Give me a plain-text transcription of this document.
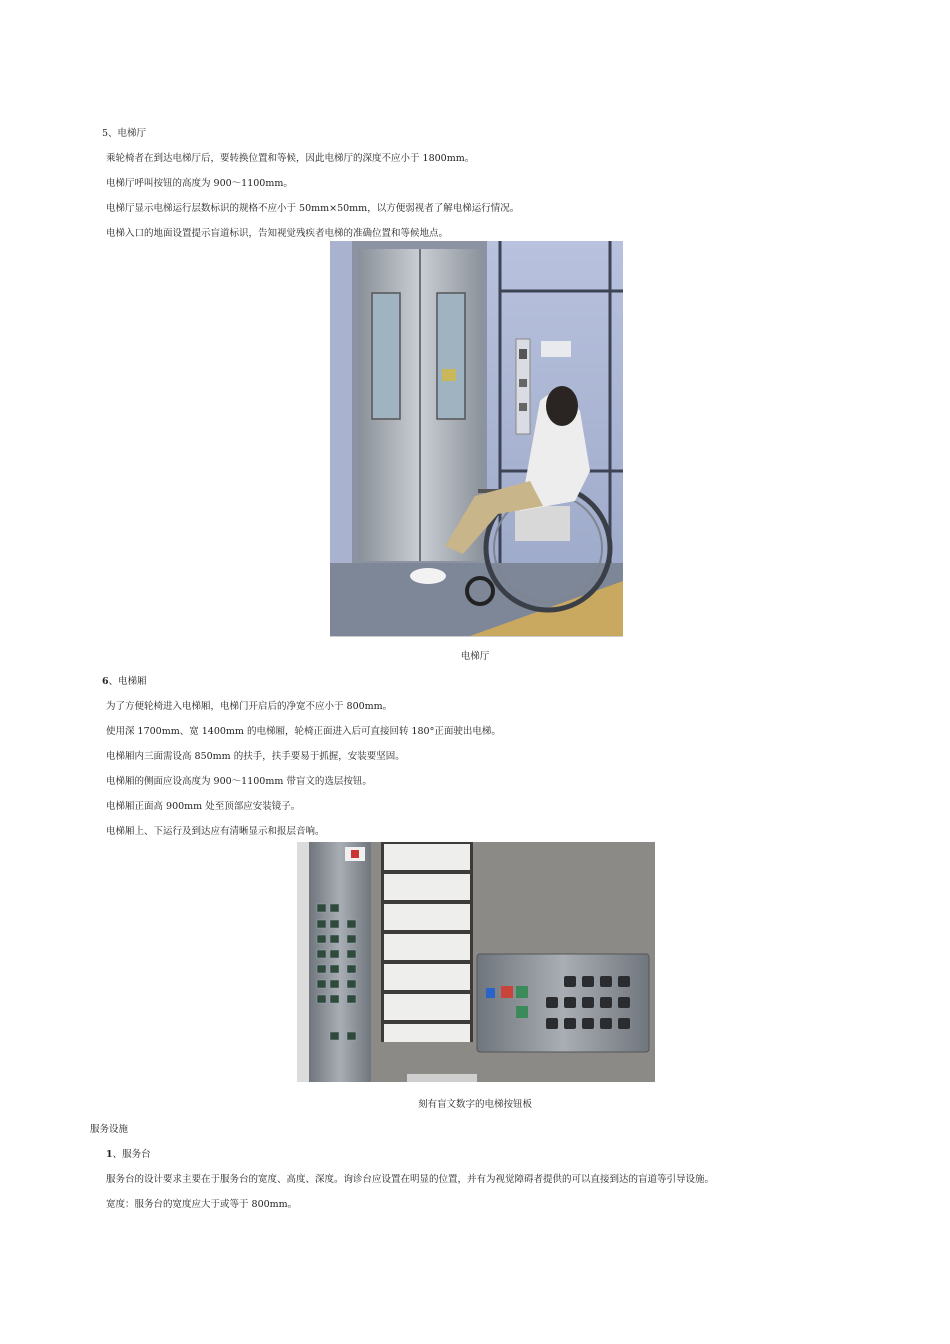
5、电梯厅
乘轮椅者在到达电梯厅后，要转换位置和等候，因此电梯厅的深度不应小于 1800mm。
电梯厅呼叫按钮的高度为 900～1100mm。
电梯厅显示电梯运行层数标识的规格不应小于 50mm×50mm，以方便弱视者了解电梯运行情况。
电梯入口的地面设置提示盲道标识，告知视觉残疾者电梯的准确位置和等候地点。
电梯厅
6、电梯厢
为了方便轮椅进入电梯厢，电梯门开启后的净宽不应小于 800mm。
使用深 1700mm、宽 1400mm 的电梯厢，轮椅正面进入后可直接回转 180°正面驶出电梯。
电梯厢内三面需设高 850mm 的扶手，扶手要易于抓握，安装要坚固。
电梯厢的侧面应设高度为 900～1100mm 带盲文的选层按钮。
电梯厢正面高 900mm 处至顶部应安装镜子。
电梯厢上、下运行及到达应有清晰显示和报层音响。
刻有盲文数字的电梯按钮板
服务设施
1、服务台
服务台的设计要求主要在于服务台的宽度、高度、深度。询诊台应设置在明显的位置，并有为视觉障碍者提供的可以直接到达的盲道等引导设施。
宽度：服务台的宽度应大于或等于 800mm。
